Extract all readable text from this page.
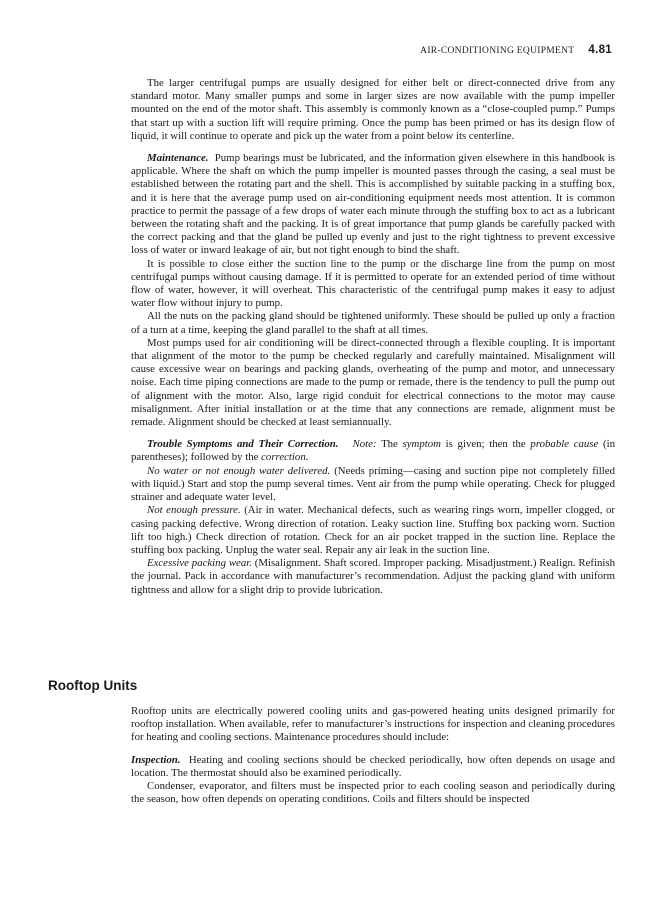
AIR-CONDITIONING EQUIPMENT 4.81

The larger centrifugal pumps are usually designed for either belt or direct-connected drive from any standard motor. Many smaller pumps and some in larger sizes are now available with the pump impeller mounted on the end of the motor shaft. This assembly is commonly known as a “close-coupled pump.” Pumps that start up with a suction lift will require priming. Once the pump has been primed or has its design flow of liquid, it will continue to operate and pick up the water from a point below its centerline.

Maintenance. Pump bearings must be lubricated, and the information given elsewhere in this handbook is applicable. Where the shaft on which the pump impeller is mounted passes through the casing, a seal must be established between the rotating part and the shell. This is accomplished by suitable packing in a stuffing box, and it is here that the average pump used on air-conditioning equipment needs most attention. It is common practice to permit the passage of a few drops of water each minute through the stuffing box to act as a lubricant between the rotating shaft and the packing. It is of great importance that pump glands be carefully packed with the correct packing and that the gland be pulled up evenly and just to the right tightness to prevent excessive loss of water or inward leakage of air, but not tight enough to bind the shaft.

It is possible to close either the suction line to the pump or the discharge line from the pump on most centrifugal pumps without causing damage. If it is permitted to operate for an extended period of time without flow of water, however, it will overheat. This characteristic of the centrifugal pump makes it easy to adjust water flow without injury to pump.

All the nuts on the packing gland should be tightened uniformly. These should be pulled up only a fraction of a turn at a time, keeping the gland parallel to the shaft at all times.

Most pumps used for air conditioning will be direct-connected through a flexible coupling. It is important that alignment of the motor to the pump be checked regularly and carefully maintained. Misalignment will cause excessive wear on bearings and packing glands, overheating of the pump and motor, and unnecessary noise. Each time piping connections are made to the pump or remade, there is the tendency to pull the pump out of alignment with the motor. Also, large rigid conduit for electrical connections to the motor may cause misalignment. After initial installation or at the time that any connections are remade, alignment must be remade. Alignment should be checked at least semiannually.

Trouble Symptoms and Their Correction. Note: The symptom is given; then the probable cause (in parentheses); followed by the correction.

No water or not enough water delivered. (Needs priming—casing and suction pipe not completely filled with liquid.) Start and stop the pump several times. Vent air from the pump while operating. Check for plugged strainer and adequate water level.

Not enough pressure. (Air in water. Mechanical defects, such as wearing rings worn, impeller clogged, or casing packing defective. Wrong direction of rotation. Leaky suction line. Stuffing box packing worn. Suction lift too high.) Check direction of rotation. Check for an air pocket trapped in the suction line. Replace the stuffing box packing. Unplug the water seal. Repair any air leak in the suction line.

Excessive packing wear. (Misalignment. Shaft scored. Improper packing. Misadjustment.) Realign. Refinish the journal. Pack in accordance with manufacturer’s recommendation. Adjust the packing gland with uniform tightness and allow for a slight drip to provide lubrication.

Rooftop Units

Rooftop units are electrically powered cooling units and gas-powered heating units designed primarily for rooftop installation. When available, refer to manufacturer’s instructions for inspection and cleaning procedures for heating and cooling sections. Maintenance procedures should include:

Inspection. Heating and cooling sections should be checked periodically, how often depends on usage and location. The thermostat should also be examined periodically.

Condenser, evaporator, and filters must be inspected prior to each cooling season and periodically during the season, how often depends on operating conditions. Coils and filters should be inspected
